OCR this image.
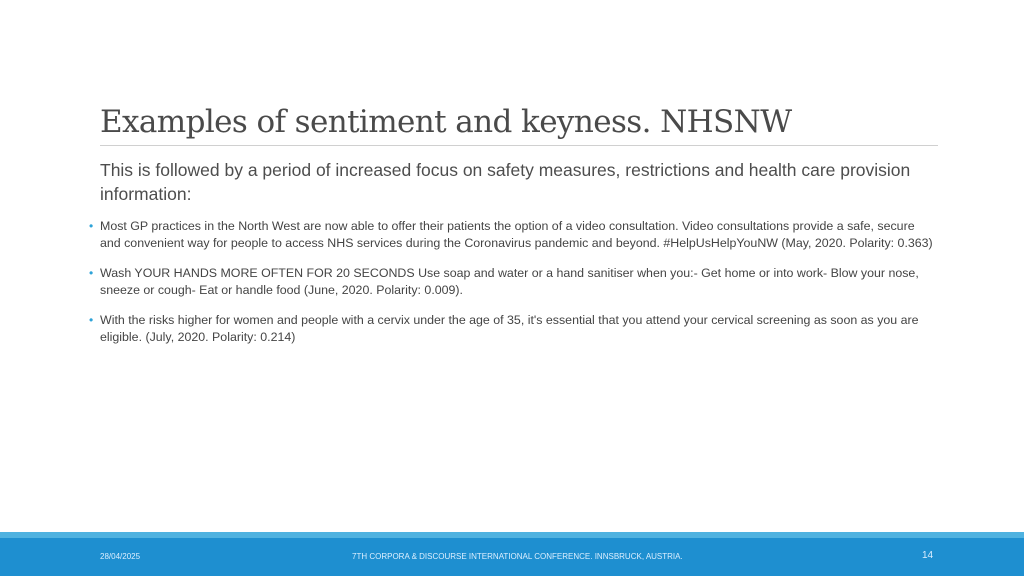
Examples of sentiment and keyness. NHSNW

This is followed by a period of increased focus on safety measures, restrictions and health care provision information:

• Most GP practices in the North West are now able to offer their patients the option of a video consultation. Video consultations provide a safe, secure and convenient way for people to access NHS services during the Coronavirus pandemic and beyond. #HelpUsHelpYouNW (May, 2020. Polarity: 0.363)
• Wash YOUR HANDS MORE OFTEN FOR 20 SECONDS Use soap and water or a hand sanitiser when you:- Get home or into work- Blow your nose, sneeze or cough- Eat or handle food (June, 2020. Polarity: 0.009).
• With the risks higher for women and people with a cervix under the age of 35, it's essential that you attend your cervical screening as soon as you are eligible. (July, 2020. Polarity: 0.214)
28/04/2025	7TH CORPORA & DISCOURSE INTERNATIONAL CONFERENCE. INNSBRUCK, AUSTRIA.	14
